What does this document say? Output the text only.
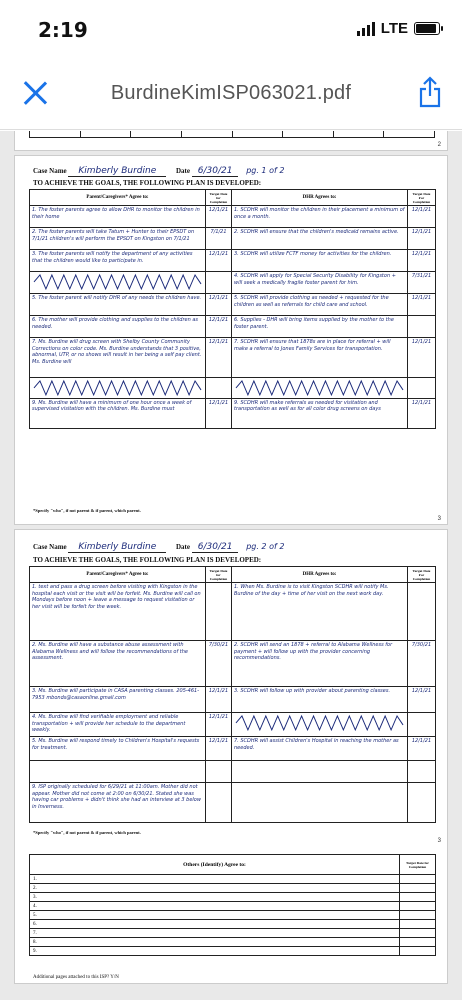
2:19	LTE
BurdineKimISP063021.pdf

2
Case Name Kimberly Burdine	Date 6/30/21 pg. 1 of 2
TO ACHIEVE THE GOALS, THE FOLLOWING PLAN IS DEVELOPED:
Parent/Caregivers* Agree to:	Target Date for Completion	DHR Agrees to:	Target Date For Completion
1. The foster parents agree to allow DHR to monitor the children in their home	12/1/21	1. SCDHR will monitor the children in their placement a minimum of once a month.	12/1/21
2. The foster parents will take Tatum + Hunter to their EPSDT on 7/1/21 children's will perform the EPSDT on Kingston on 7/1/21	7/1/21	2. SCDHR will ensure that the children's medicaid remains active.	12/1/21
3. The foster parents will notify the department of any activities that the children would like to participate in.	12/1/21	3. SCDHR will utilize FCTF money for activities for the children.	12/1/21

		4. SCDHR will apply for Special Security Disability for Kingston + will seek a medically fragile foster parent for him.	7/31/21
5. The foster parent will notify DHR of any needs the children have.	12/1/21	5. SCDHR will provide clothing as needed + requested for the children as well as referrals for child care and school.	12/1/21
6. The mother will provide clothing and supplies to the children as needed.	12/1/21	6. Supplies - DHR will bring items supplied by the mother to the foster parent.	
7. Ms. Burdine will drug screen with Shelby County Community Corrections on color code. Ms. Burdine understands that 3 positive, abnormal, UTP, or no shows will result in her being a self pay client. Ms. Burdine will	12/1/21	7. SCDHR will ensure that 1878s are in place for referral + will make a referral to Jones Family Services for transportation.	12/1/21

9. Ms. Burdine will have a minimum of one hour once a week of supervised visitation with the children. Ms. Burdine must	12/1/21	9. SCDHR will make referrals as needed for visitation and transportation as well as for all color drug screens on days	12/1/21
*Specify "who", if not parent & if parent, which parent.
3
Case Name Kimberly Burdine	Date 6/30/21 pg. 2 of 2
TO ACHIEVE THE GOALS, THE FOLLOWING PLAN IS DEVELOPED:
Parent/Caregivers* Agree to:	Target Date for Completion	DHR Agrees to:	Target Date For Completion
1. text and pass a drug screen before visiting with Kingston in the hospital each visit or the visit will be forfeit. Ms. Burdine will call on Mondays before noon + leave a message to request visitation or her visit will be forfeit for the week.		1. When Ms. Burdine is to visit Kingston SCDHR will notify Ms. Burdine of the day + time of her visit on the next work day.	
2. Ms. Burdine will have a substance abuse assessment with Alabama Wellness and will follow the recommendations of the assessment.	7/30/21	2. SCDHR will send an 1878 + referral to Alabama Wellness for payment + will follow up with the provider concerning recommendations.	7/30/21
3. Ms. Burdine will participate in CASA parenting classes. 205-461-7953 mbonds@casaonline.gmail.com	12/1/21	3. SCDHR will follow up with provider about parenting classes.	12/1/21
4. Ms. Burdine will find verifiable employment and reliable transportation + will provide her schedule to the department weekly.	12/1/21	

5. Ms. Burdine will respond timely to Children's Hospital's requests for treatment.	12/1/21	7. SCDHR will assist Children's Hospital in reaching the mother as needed.	12/1/21

9. ISP originally scheduled for 6/29/21 at 11:00am. Mother did not appear. Mother did not come at 2:00 on 6/30/21. Stated she was having car problems + didn't think she had an interview at 3 below in Inverness.			
*Specify "who", if not parent & if parent, which parent.
3
Others (Identify) Agree to:	Target Date for Completion
1.	
2.	
3.	
4.	
5.	
6.	
7.	
8.	
9.	
Additional pages attached to this ISP? Y/N
